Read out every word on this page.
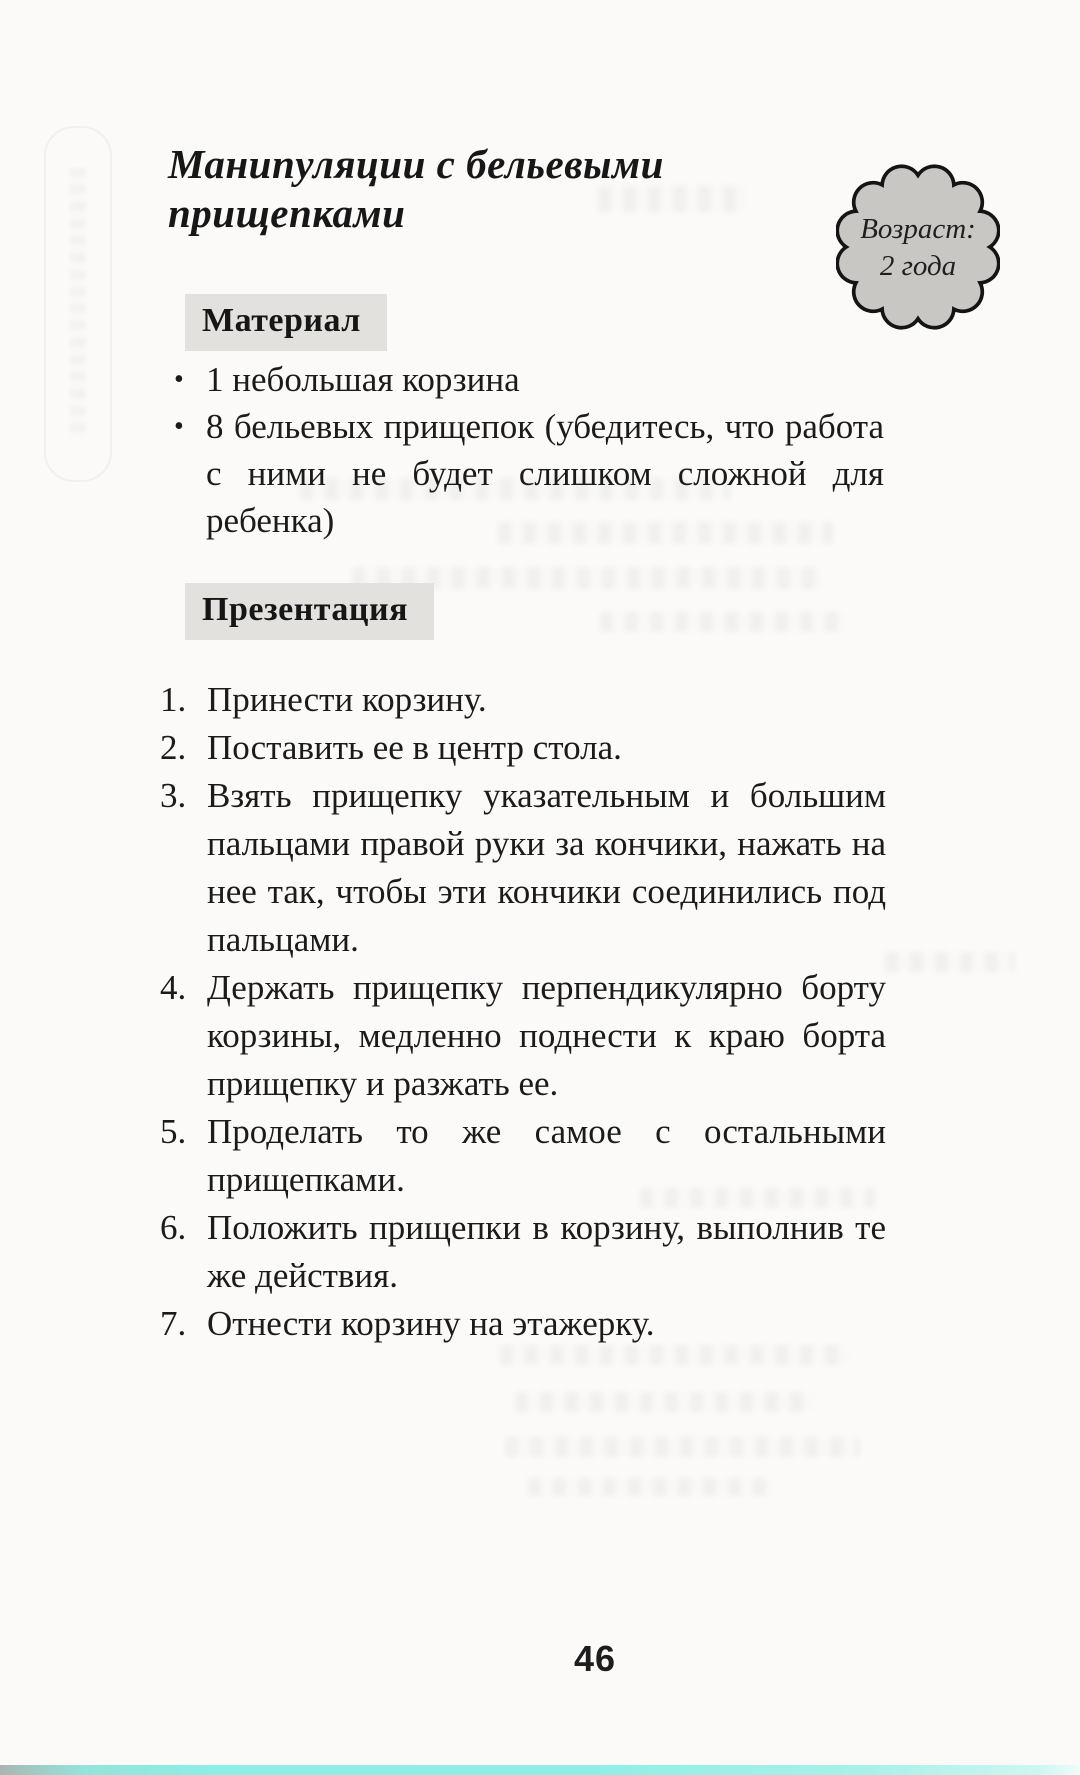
Манипуляции с бельевыми прищепками	Возраст:
2 года
Материал
• 1 небольшая корзина
• 8 бельевых прищепок (убедитесь, что работа с ними не будет слишком сложной для ребенка)
Презентация
1. Принести корзину.
2. Поставить ее в центр стола.
3. Взять прищепку указательным и большим пальцами правой руки за кончики, нажать на нее так, чтобы эти кончики соединились под пальцами.
4. Держать прищепку перпендикулярно борту корзины, медленно поднести к краю борта прищепку и разжать ее.
5. Проделать то же самое с остальными прищепками.
6. Положить прищепки в корзину, выполнив те же действия.
7. Отнести корзину на этажерку.
46
